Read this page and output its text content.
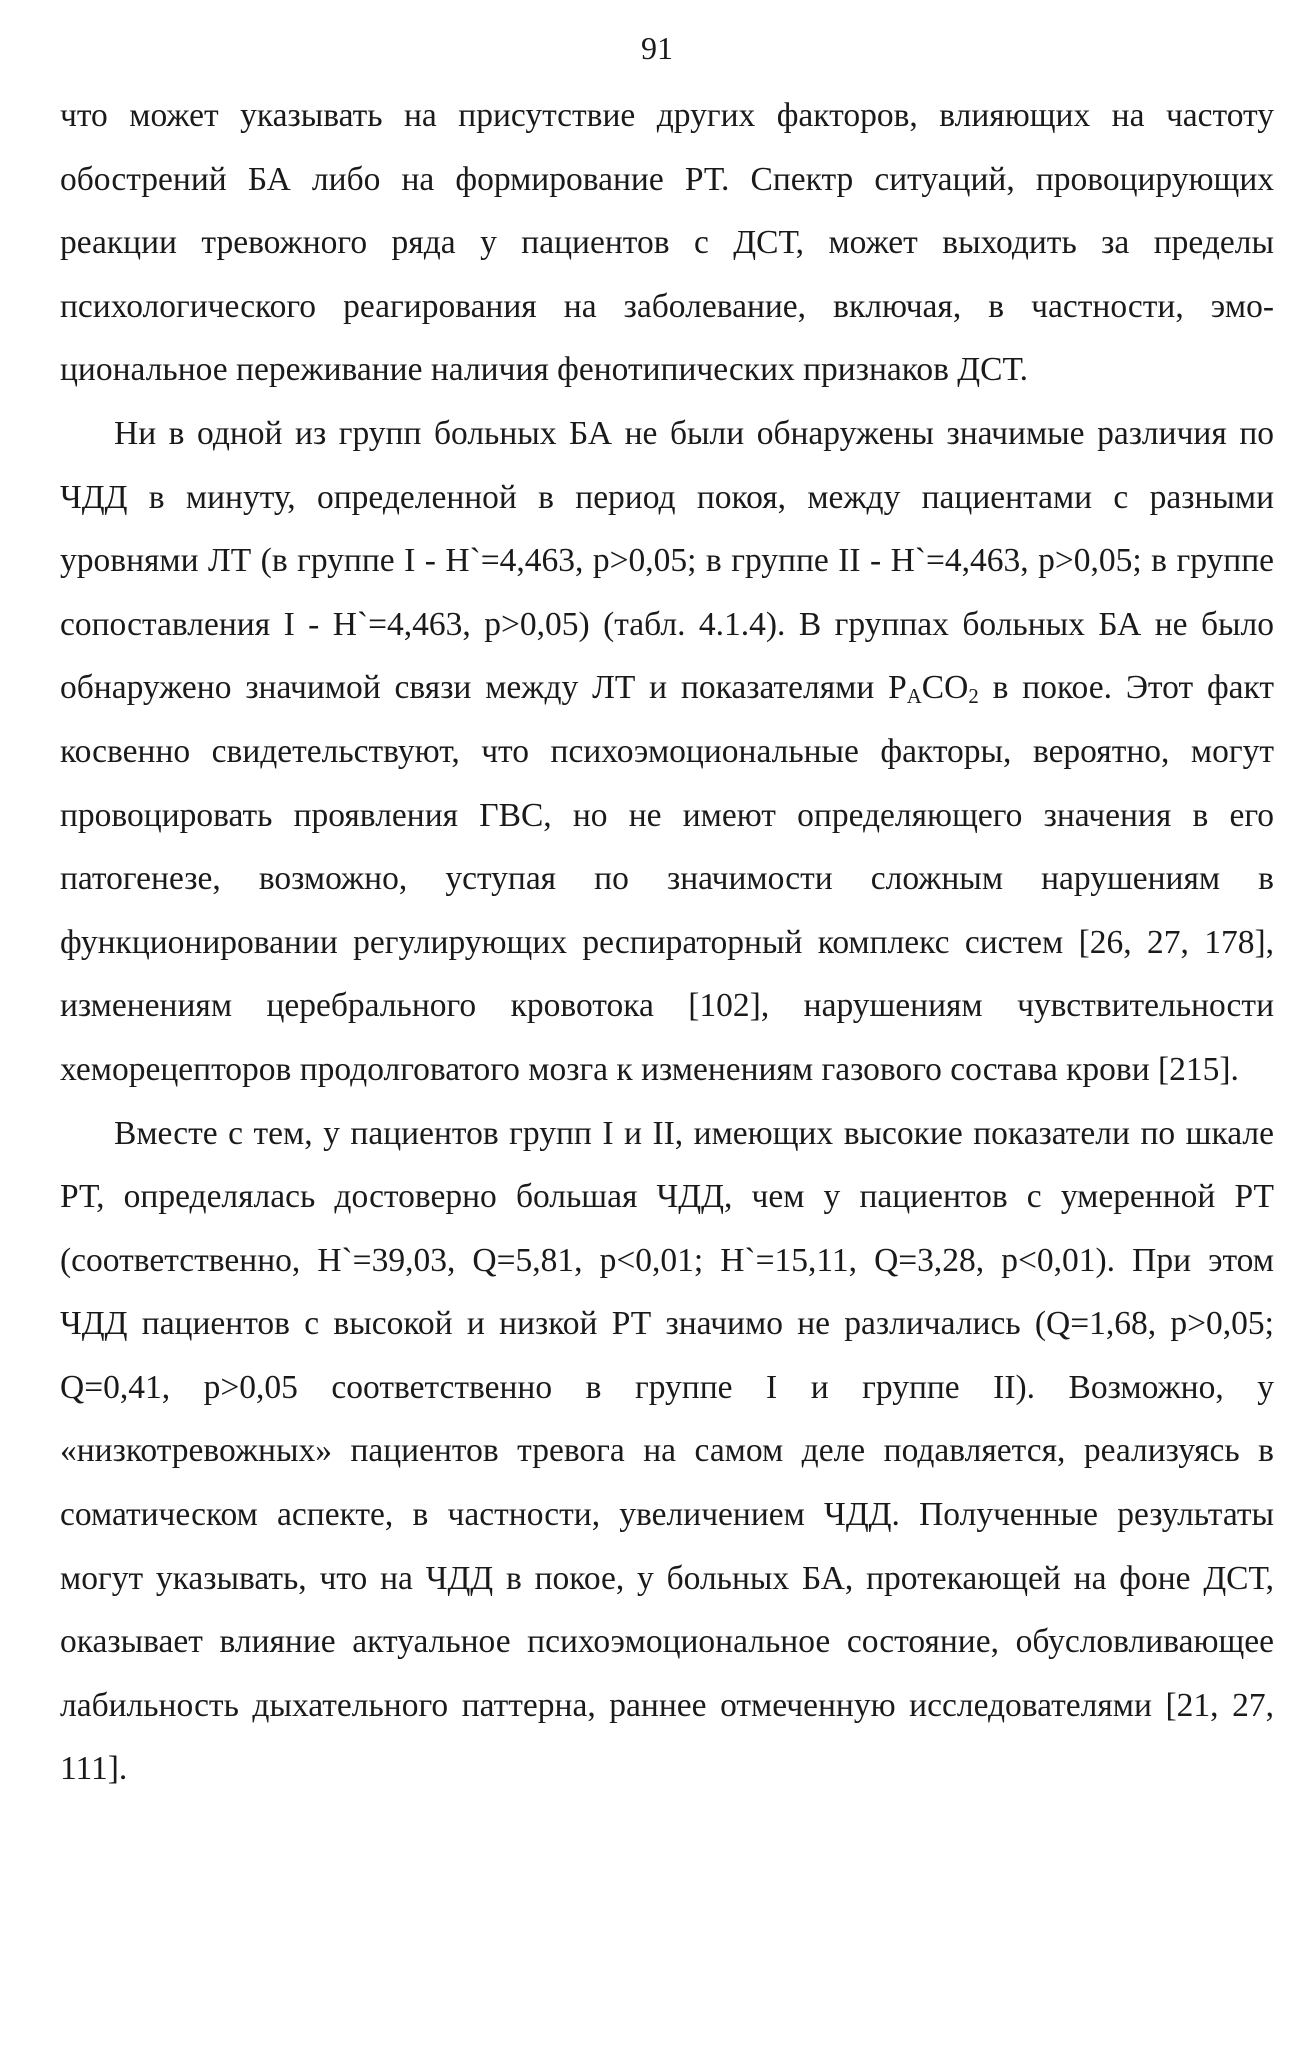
91

что может указывать на присутствие других факторов, влияющих на частоту обострений БА либо на формирование РТ. Спектр ситуаций, провоцирующих реакции тревожного ряда у пациентов с ДСТ, может выходить за пределы психологического реагирования на заболевание, включая, в частности, эмоциональное переживание наличия фенотипических признаков ДСТ.

Ни в одной из групп больных БА не были обнаружены значимые различия по ЧДД в минуту, определенной в период покоя, между пациентами с разными уровнями ЛТ (в группе I - H`=4,463, p>0,05; в группе II - H`=4,463, p>0,05; в группе сопоставления I - H`=4,463, p>0,05) (табл. 4.1.4). В группах больных БА не было обнаружено значимой связи между ЛТ и показателями $P_ACO_2$ в покое. Этот факт косвенно свидетельствуют, что психоэмоциональные факторы, вероятно, могут провоцировать проявления ГВС, но не имеют определяющего значения в его патогенезе, возможно, уступая по значимости сложным нарушениям в функционировании регулирующих респираторный комплекс систем [26, 27, 178], изменениям церебрального кровотока [102], нарушениям чувствительности хеморецепторов продолговатого мозга к изменениям газового состава крови [215].

Вместе с тем, у пациентов групп I и II, имеющих высокие показатели по шкале РТ, определялась достоверно большая ЧДД, чем у пациентов с умеренной РТ (соответственно, H`=39,03, Q=5,81, p<0,01; H`=15,11, Q=3,28, p<0,01). При этом ЧДД пациентов с высокой и низкой РТ значимо не различались (Q=1,68, p>0,05; Q=0,41, p>0,05 соответственно в группе I и группе II). Возможно, у «низкотревожных» пациентов тревога на самом деле подавляется, реализуясь в соматическом аспекте, в частности, увеличением ЧДД. Полученные результаты могут указывать, что на ЧДД в покое, у больных БА, протекающей на фоне ДСТ, оказывает влияние актуальное психоэмоциональное состояние, обусловливающее лабильность дыхательного паттерна, раннее отмеченную исследователями [21, 27, 111].
